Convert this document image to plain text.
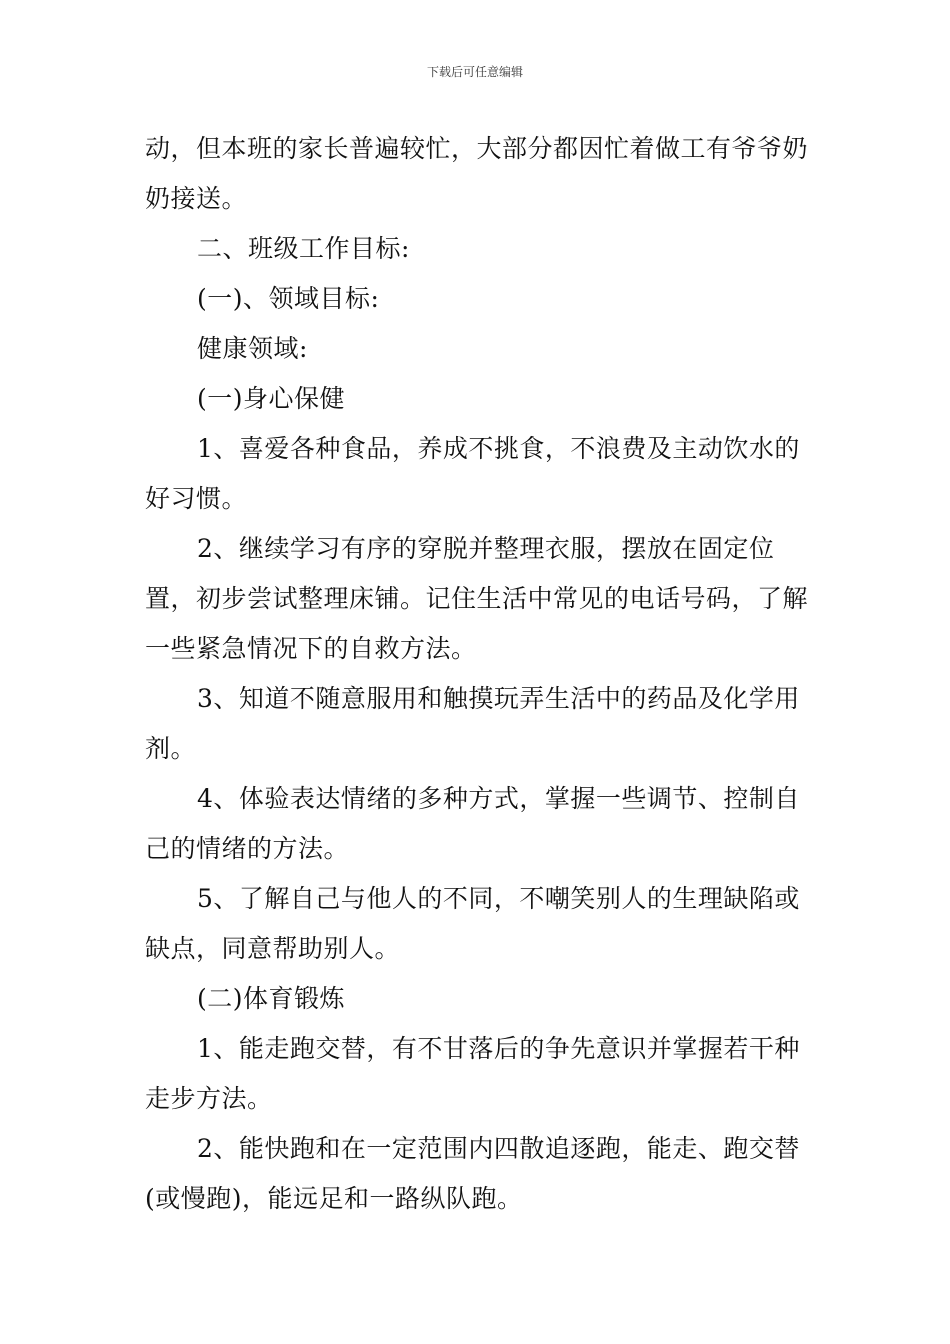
下载后可任意编辑

动，但本班的家长普遍较忙，大部分都因忙着做工有爷爷奶奶接送。

二、班级工作目标:

(一)、领域目标:

健康领域:

(一)身心保健

1、喜爱各种食品，养成不挑食，不浪费及主动饮水的好习惯。

2、继续学习有序的穿脱并整理衣服，摆放在固定位置，初步尝试整理床铺。记住生活中常见的电话号码，了解一些紧急情况下的自救方法。

3、知道不随意服用和触摸玩弄生活中的药品及化学用剂。

4、体验表达情绪的多种方式，掌握一些调节、控制自己的情绪的方法。

5、了解自己与他人的不同，不嘲笑别人的生理缺陷或缺点，同意帮助别人。

(二)体育锻炼

1、能走跑交替，有不甘落后的争先意识并掌握若干种走步方法。

2、能快跑和在一定范围内四散追逐跑，能走、跑交替(或慢跑)，能远足和一路纵队跑。
